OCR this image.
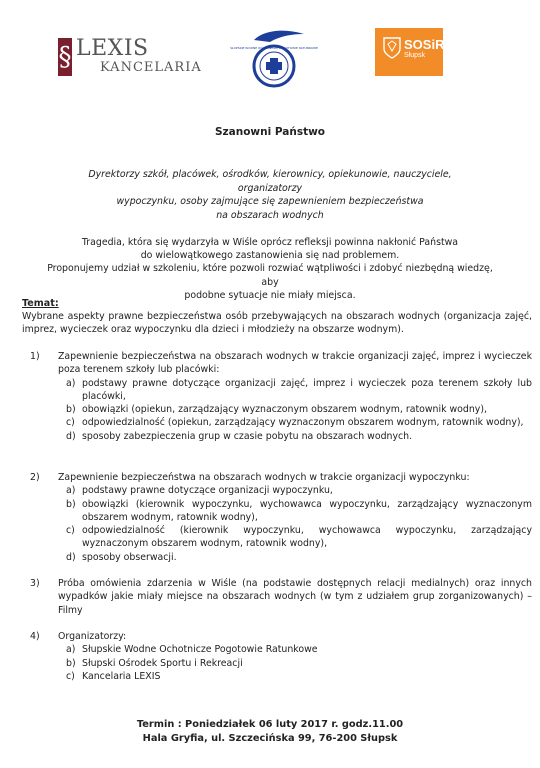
§ LEXIS
KANCELARIA
SŁUPSKIE WODNE OCHOTNICZE POGOTOWIE RATUNKOWE	SOSiR
Słupsk
Szanowni Państwo
Dyrektorzy szkół, placówek, ośrodków, kierownicy, opiekunowie, nauczyciele, organizatorzy
wypoczynku, osoby zajmujące się zapewnieniem bezpieczeństwa
na obszarach wodnych
Tragedia, która się wydarzyła w Wiśle oprócz refleksji powinna nakłonić Państwa
do wielowątkowego zastanowienia się nad problemem.
Proponujemy udział w szkoleniu, które pozwoli rozwiać wątpliwości i zdobyć niezbędną wiedzę, aby
podobne sytuacje nie miały miejsca.
Temat:
Wybrane aspekty prawne bezpieczeństwa osób przebywających na obszarach wodnych (organizacja zajęć, imprez, wycieczek oraz wypoczynku dla dzieci i młodzieży na obszarze wodnym).
1) Zapewnienie bezpieczeństwa na obszarach wodnych w trakcie organizacji zajęć, imprez i wycieczek poza terenem szkoły lub placówki:
a) podstawy prawne dotyczące organizacji zajęć, imprez i wycieczek poza terenem szkoły lub placówki,
b) obowiązki (opiekun, zarządzający wyznaczonym obszarem wodnym, ratownik wodny),
c) odpowiedzialność (opiekun, zarządzający wyznaczonym obszarem wodnym, ratownik wodny),
d) sposoby zabezpieczenia grup w czasie pobytu na obszarach wodnych.
2) Zapewnienie bezpieczeństwa na obszarach wodnych w trakcie organizacji wypoczynku:
a) podstawy prawne dotyczące organizacji wypoczynku,
b) obowiązki (kierownik wypoczynku, wychowawca wypoczynku, zarządzający wyznaczonym obszarem wodnym, ratownik wodny),
c) odpowiedzialność (kierownik wypoczynku, wychowawca wypoczynku, zarządzający wyznaczonym obszarem wodnym, ratownik wodny),
d) sposoby obserwacji.
3) Próba omówienia zdarzenia w Wiśle (na podstawie dostępnych relacji medialnych) oraz innych wypadków jakie miały miejsce na obszarach wodnych (w tym z udziałem grup zorganizowanych) – Filmy
4) Organizatorzy:
a) Słupskie Wodne Ochotnicze Pogotowie Ratunkowe
b) Słupski Ośrodek Sportu i Rekreacji
c) Kancelaria LEXIS
Termin : Poniedziałek 06 luty 2017 r. godz.11.00
Hala Gryfia, ul. Szczecińska 99, 76-200 Słupsk
